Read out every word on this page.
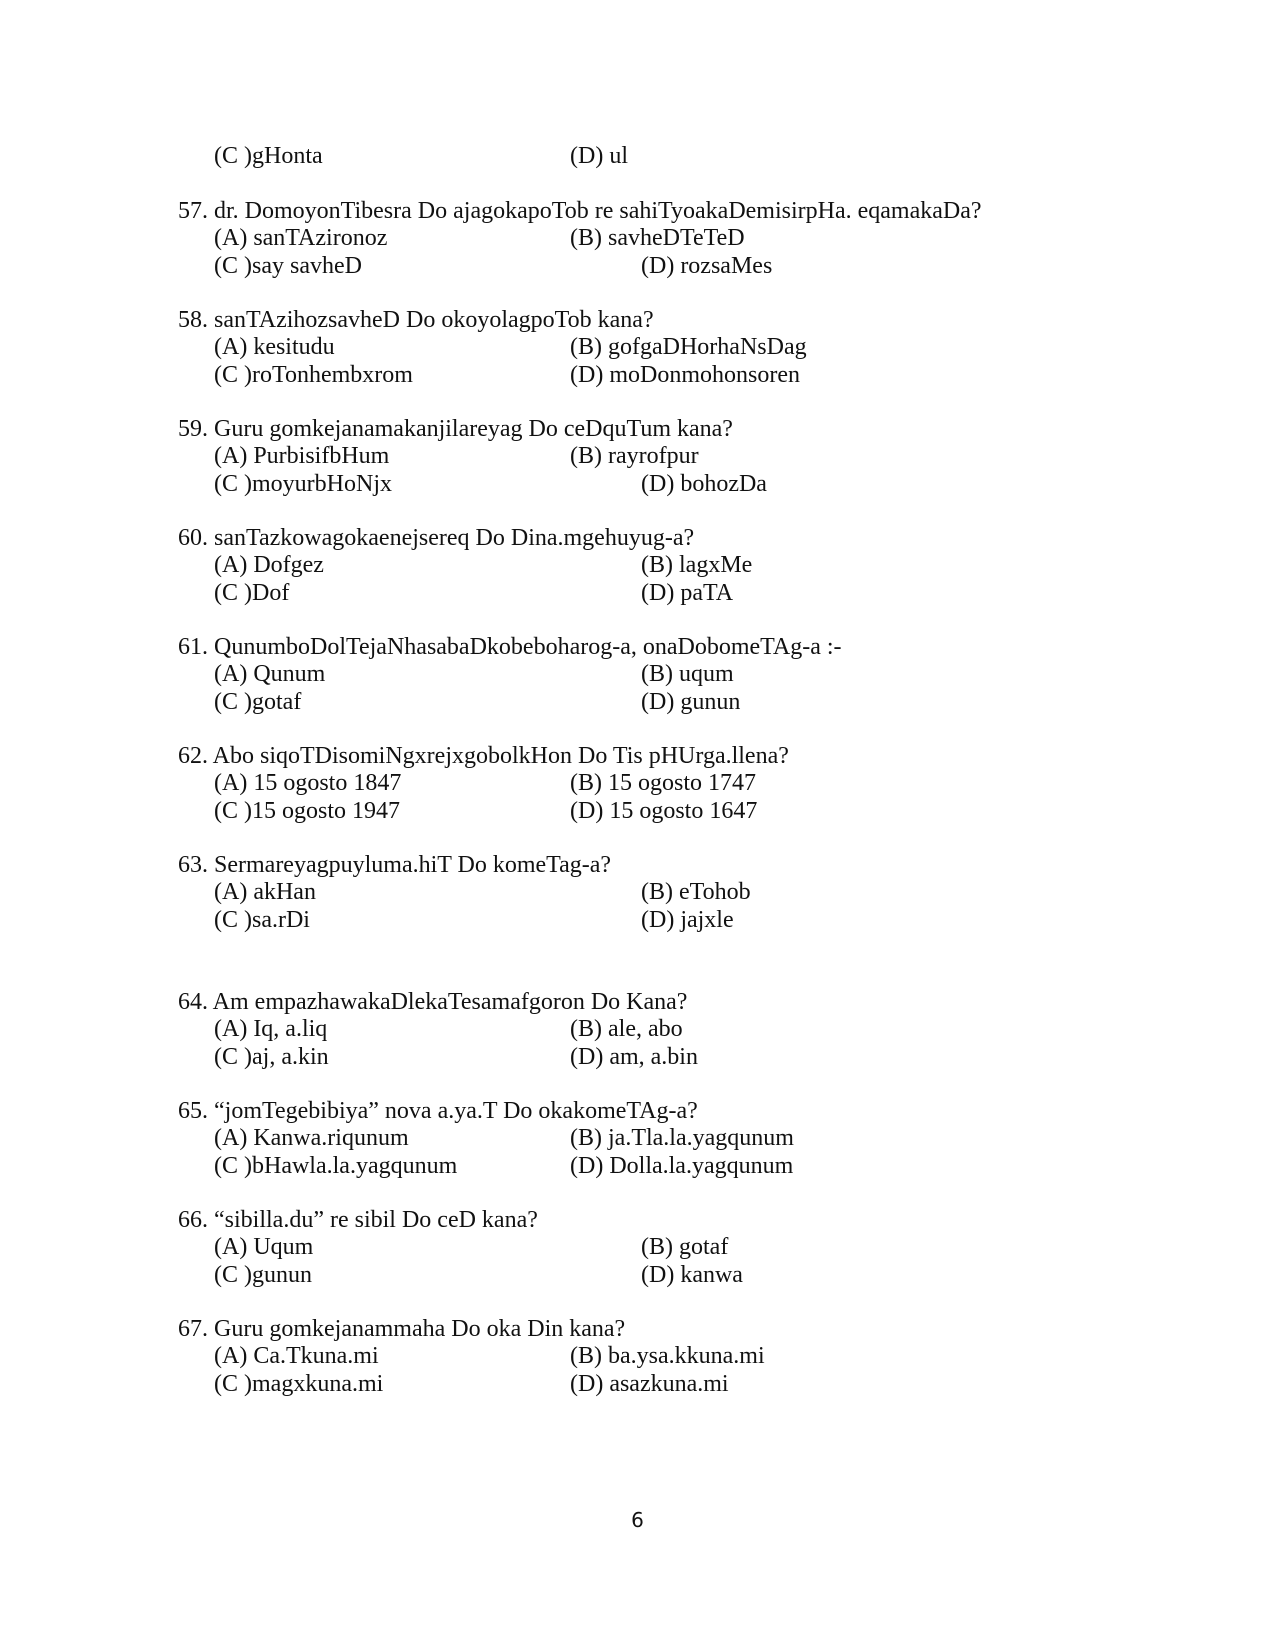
(C )gHonta	(D) ul
57. dr. DomoyonTibesra Do ajagokapoTob re sahiTyoakaDemisirpHa. eqamakaDa?
(A) sanTAzironoz	(B) savheDTeTeD
(C )say savheD	(D) rozsaMes
58. sanTAzihozsavheD Do okoyolagpoTob kana?
(A) kesitudu	(B) gofgaDHorhaNsDag
(C )roTonhembxrom	(D) moDonmohonsoren
59. Guru gomkejanamakanjilareyag Do ceDquTum kana?
(A) PurbisifbHum	(B) rayrofpur
(C )moyurbHoNjx	(D) bohozDa
60. sanTazkowagokaenejsereq Do Dina.mgehuyug-a?
(A) Dofgez	(B) lagxMe
(C )Dof	(D) paTA
61. QunumboDolTejaNhasabaDkobeboharog-a, onaDobomeTAg-a :-
(A) Qunum	(B) uqum
(C )gotaf	(D) gunun
62. Abo siqoTDisomiNgxrejxgobolkHon Do Tis pHUrga.llena?
(A) 15 ogosto 1847	(B) 15 ogosto 1747
(C )15 ogosto 1947	(D) 15 ogosto 1647
63. Sermareyagpuyluma.hiT Do komeTag-a?
(A) akHan	(B) eTohob
(C )sa.rDi	(D) jajxle
64. Am empazhawakaDlekaTesamafgoron Do Kana?
(A) Iq, a.liq	(B) ale, abo
(C )aj, a.kin	(D) am, a.bin
65. “jomTegebibiya” nova a.ya.T Do okakomeTAg-a?
(A) Kanwa.riqunum	(B) ja.Tla.la.yagqunum
(C )bHawla.la.yagqunum	(D) Dolla.la.yagqunum
66. “sibilla.du” re sibil Do ceD kana?
(A) Uqum	(B) gotaf
(C )gunun	(D) kanwa
67. Guru gomkejanammaha Do oka Din kana?
(A) Ca.Tkuna.mi	(B) ba.ysa.kkuna.mi
(C )magxkuna.mi	(D) asazkuna.mi
6
